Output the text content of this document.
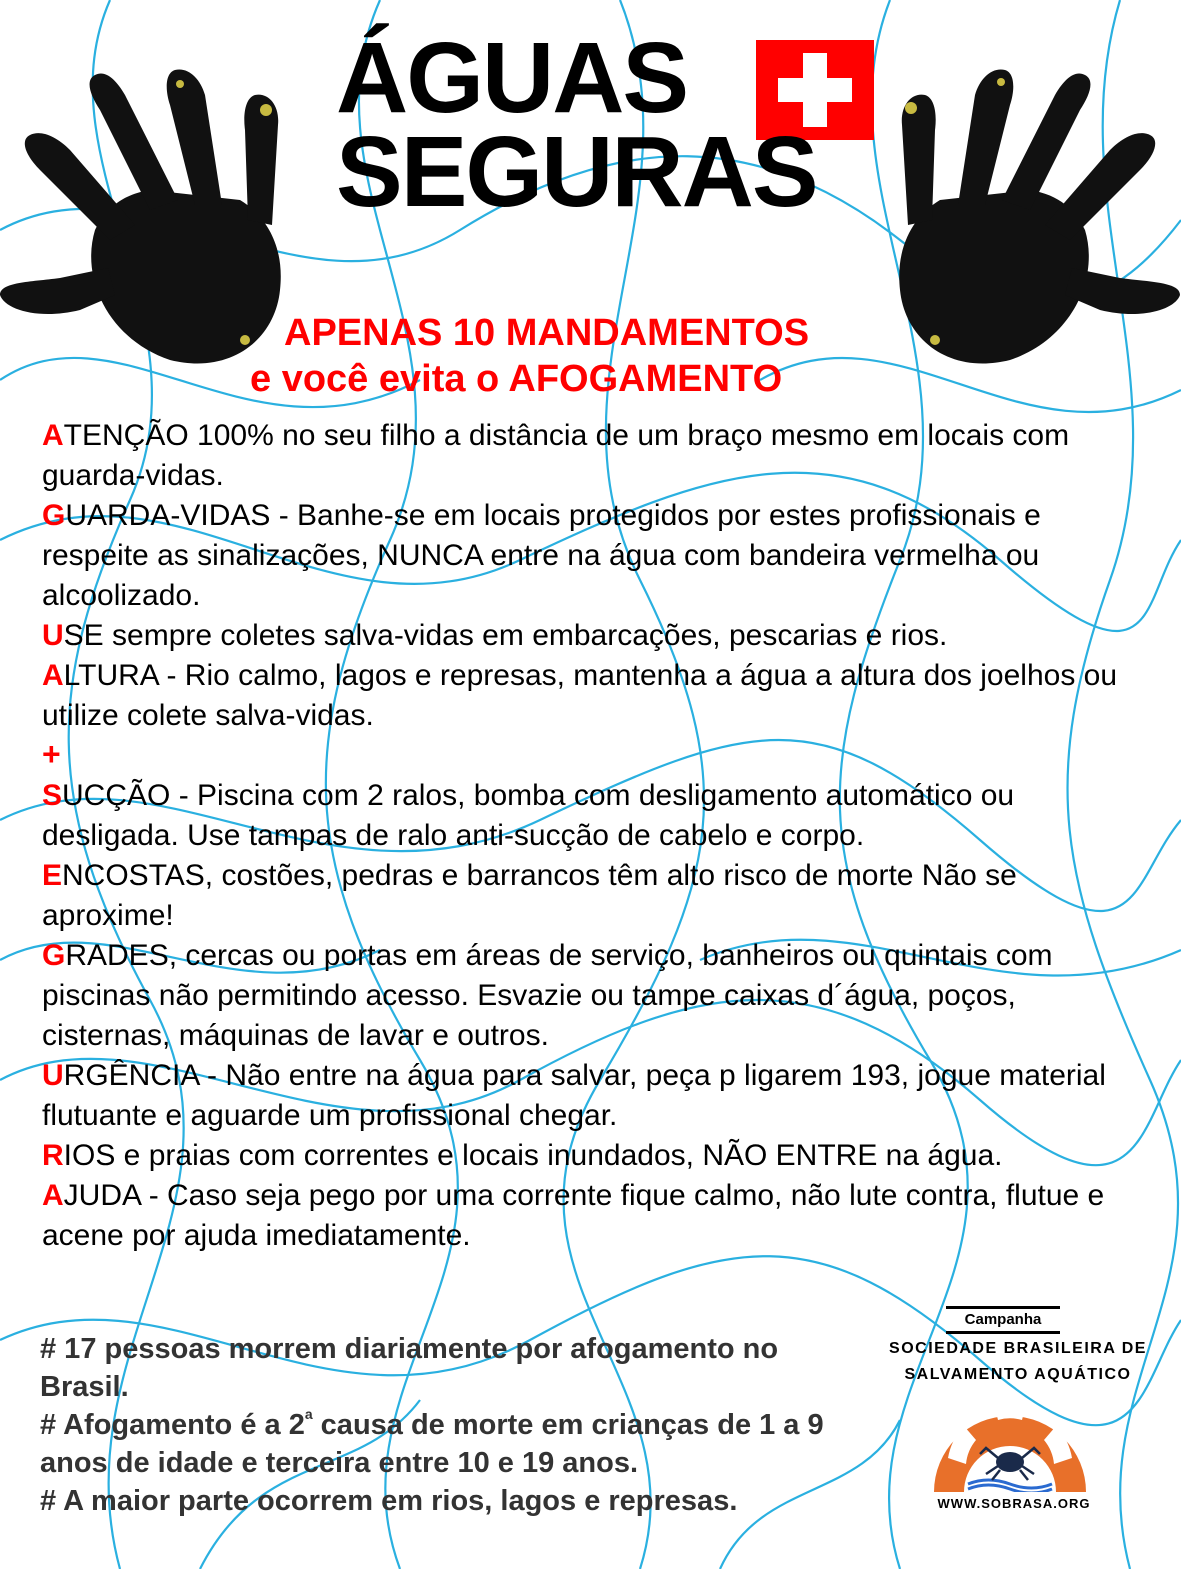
ÁGUAS
SEGURAS
APENAS 10 MANDAMENTOS
e você evita o AFOGAMENTO

ATENÇÃO 100% no seu filho a distância de um braço mesmo em locais com guarda-vidas.

GUARDA-VIDAS - Banhe-se em locais protegidos por estes profissionais e respeite as sinalizações, NUNCA entre na água com bandeira vermelha ou alcoolizado.

USE sempre coletes salva-vidas em embarcações, pescarias e rios.

ALTURA - Rio calmo, lagos e represas, mantenha a água a altura dos joelhos ou utilize colete salva-vidas.

+

SUCÇÃO - Piscina com 2 ralos, bomba com desligamento automático ou desligada. Use tampas de ralo anti-sucção de cabelo e corpo.

ENCOSTAS, costões, pedras e barrancos têm alto risco de morte Não se aproxime!

GRADES, cercas ou portas em áreas de serviço, banheiros ou quintais com piscinas não permitindo acesso. Esvazie ou tampe caixas d´água, poços, cisternas, máquinas de lavar e outros.

URGÊNCIA - Não entre na água para salvar, peça p ligarem 193, jogue material flutuante e aguarde um profissional chegar.

RIOS e praias com correntes e locais inundados, NÃO ENTRE na água.

AJUDA - Caso seja pego por uma corrente fique calmo, não lute contra, flutue e acene por ajuda imediatamente.

# 17 pessoas morrem diariamente por afogamento no Brasil.

# Afogamento é a 2$^a$ causa de morte em crianças de 1 a 9 anos de idade e terceira entre 10 e 19 anos.

# A maior parte ocorrem em rios, lagos e represas.

Campanha
SOCIEDADE BRASILEIRA DE
SALVAMENTO AQUÁTICO
WWW.SOBRASA.ORG
